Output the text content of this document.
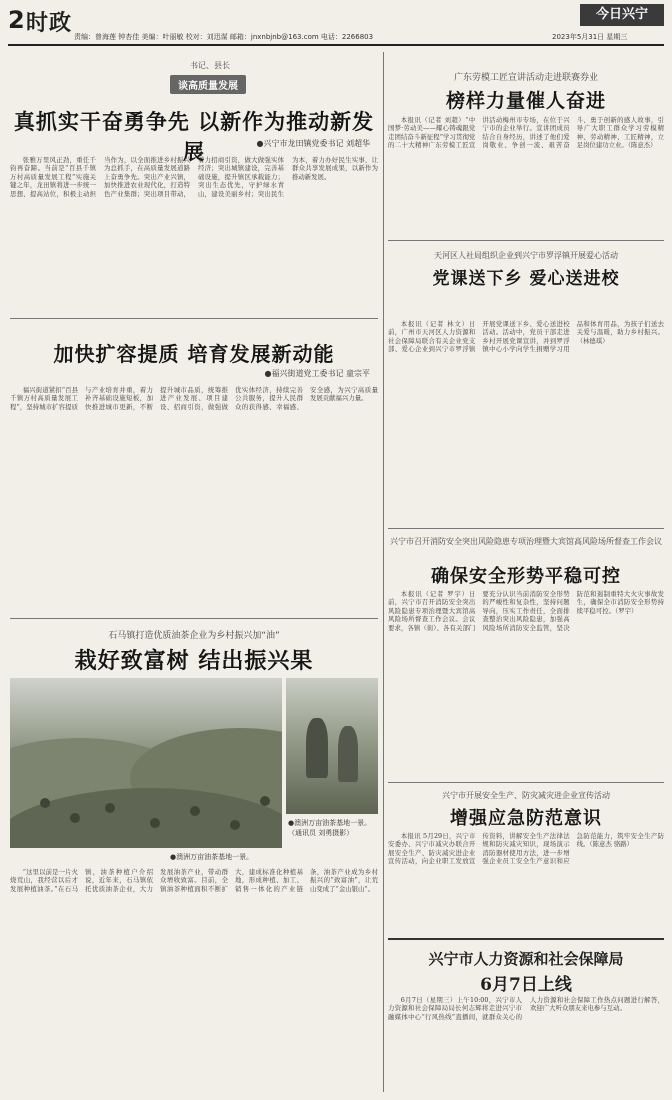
2 时政
责编：曾海莲 钟杏佳 美编：叶丽敏 校对：刘迅谋 邮箱：jnxnbjnb@163.com 电话：2266803
今日兴宁
2023年5月31日 星期三
书记、县长
谈高质量发展
真抓实干奋勇争先 以新作为推动新发展	●兴宁市龙田镇党委书记 刘超华
张雅万里风正劲，重任千钧再奋蹄。当前是“百县千镇万村高质量发展工程”实施关键之年，龙田镇将进一步统一思想、提高站位，积极主动担当作为，以全面推进乡村振兴为总抓手，在高质量发展道路上奋勇争先。突出产业兴镇，加快推进农业现代化，打造特色产业集群；突出项目带动，着力招商引资，做大做强实体经济；突出城镇建设，完善基础设施，提升镇区承载能力；突出生态优先，守护绿水青山，建设美丽乡村；突出民生为本，着力办好民生实事，让群众共享发展成果，以新作为推动新发展。
加快扩容提质 培育发展新动能
●福兴街道党工委书记 童宗平
福兴街道紧扣“百县千镇万村高质量发展工程”，坚持城市扩容提质与产业培育并重，着力补齐基础设施短板，加快推进城市更新，不断提升城市品质，统筹推进产业发展、项目建设、招商引资，做强做优实体经济，持续完善公共服务，提升人民群众的获得感、幸福感、安全感，为兴宁高质量发展贡献福兴力量。
石马镇打造优质油茶企业为乡村振兴加“油”
栽好致富树 结出振兴果
●澳洲万亩油茶基地一景。
●澳洲万亩油茶基地一景。（通讯员 刘勇摄影）
“这里以前是一片火烧荒山，我经营以后才发展种植油茶。”在石马镇，油茶种植户介绍说，近年来，石马镇依托优质油茶企业，大力发展油茶产业，带动群众增收致富。目前，全镇油茶种植面积不断扩大，建成标准化种植基地，形成种植、加工、销售一体化的产业链条，油茶产业成为乡村振兴的“致富油”，让荒山变成了“金山银山”。
广东劳模工匠宣讲活动走进联赛券业
榜样力量催人奋进
本报讯（记者 刘超）“中国梦·劳动美——耀心铸魂跟党走团结奋斗新征程”学习贯彻党的二十大精神广东劳模工匠宣讲活动梅州市专场，在位于兴宁市的企业举行。宣讲团成员结合自身经历，讲述了他们爱岗敬业、争创一流、艰苦奋斗、勇于创新的感人故事，引导广大职工群众学习劳模精神、劳动精神、工匠精神，立足岗位建功立业。（陈意杰）
天河区人社局组织企业到兴宁市罗浮镇开展爱心活动
党课送下乡 爱心送进校
本报讯（记者 林文）日前，广州市天河区人力资源和社会保障局联合有关企业党支部、爱心企业到兴宁市罗浮镇开展党课送下乡、爱心送进校活动。活动中，党员干部走进乡村开展党课宣讲，并到罗浮镇中心小学向学生捐赠学习用品和体育用品，为孩子们送去关爱与温暖，助力乡村振兴。（林德琪）
兴宁市召开消防安全突出风险隐患专项治理暨大宾馆高风险场所督查工作会议
确保安全形势平稳可控
本报讯（记者 罗宇）日前，兴宁市召开消防安全突出风险隐患专项治理暨大宾馆高风险场所督查工作会议。会议要求，各镇（街）、各有关部门要充分认识当前消防安全形势的严峻性和复杂性，坚持问题导向，压实工作责任，全面排查整治突出风险隐患，加强高风险场所消防安全监管，坚决防范和遏制重特大火灾事故发生，确保全市消防安全形势持续平稳可控。（罗宇）
兴宁市开展安全生产、防灾减灾进企业宣传活动
增强应急防范意识
本报讯 5月29日，兴宁市安委办、兴宁市减灾办联合开展安全生产、防灾减灾进企业宣传活动，向企业职工发放宣传资料，讲解安全生产法律法规和防灾减灾知识，现场演示消防器材使用方法，进一步增强企业员工安全生产意识和应急防范能力，筑牢安全生产防线。（陈意杰 骆路）
兴宁市人力资源和社会保障局
6月7日上线
6月7日（星期三）上午10:00，兴宁市人力资源和社会保障局局长何志辉将走进兴宁市融媒体中心“行风热线”直播间，就群众关心的人力资源和社会保障工作热点问题进行解答，欢迎广大听众朋友来电参与互动。
